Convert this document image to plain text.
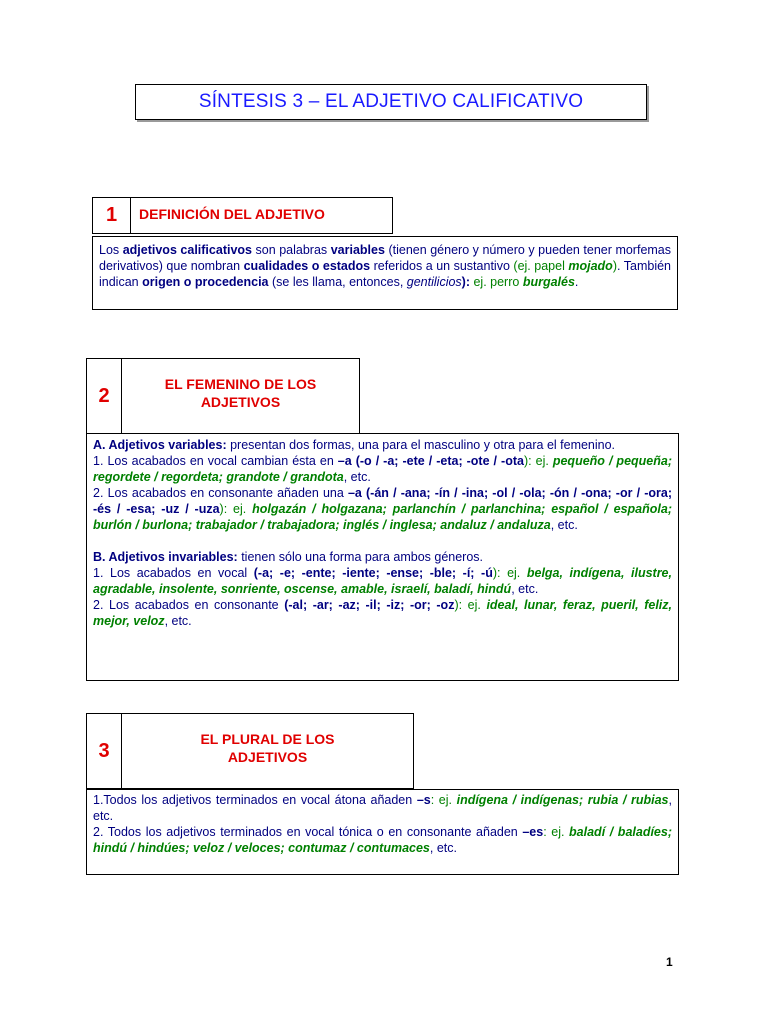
SÍNTESIS 3 – EL ADJETIVO CALIFICATIVO
1	DEFINICIÓN DEL ADJETIVO

Los adjetivos calificativos son palabras variables (tienen género y número y pueden tener morfemas derivativos) que nombran cualidades o estados referidos a un sustantivo (ej. papel mojado). También indican origen o procedencia (se les llama, entonces, gentilicios): ej. perro burgalés.

2
EL FEMENINO DE LOS ADJETIVOS

A. Adjetivos variables: presentan dos formas, una para el masculino y otra para el femenino.

1. Los acabados en vocal cambian ésta en –a (-o / -a; -ete / -eta; -ote / -ota): ej. pequeño / pequeña; regordete / regordeta; grandote / grandota, etc.

2. Los acabados en consonante añaden una –a (-án / -ana; -ín / -ina; -ol / -ola; -ón / -ona; -or / -ora; -és / -esa; -uz / -uza): ej. holgazán / holgazana; parlanchín / parlanchina; español / española; burlón / burlona; trabajador / trabajadora; inglés / inglesa; andaluz / andaluza, etc.

B. Adjetivos invariables: tienen sólo una forma para ambos géneros.

1. Los acabados en vocal (-a; -e; -ente; -iente; -ense; -ble; -í; -ú): ej. belga, indígena, ilustre, agradable, insolente, sonriente, oscense, amable, israelí, baladí, hindú, etc.

2. Los acabados en consonante (-al; -ar; -az; -il; -iz; -or; -oz): ej. ideal, lunar, feraz, pueril, feliz, mejor, veloz, etc.

3
EL PLURAL DE LOS ADJETIVOS

1.Todos los adjetivos terminados en vocal átona añaden –s: ej. indígena / indígenas; rubia / rubias, etc.

2. Todos los adjetivos terminados en vocal tónica o en consonante añaden –es: ej. baladí / baladíes; hindú / hindúes; veloz / veloces; contumaz / contumaces, etc.

1
